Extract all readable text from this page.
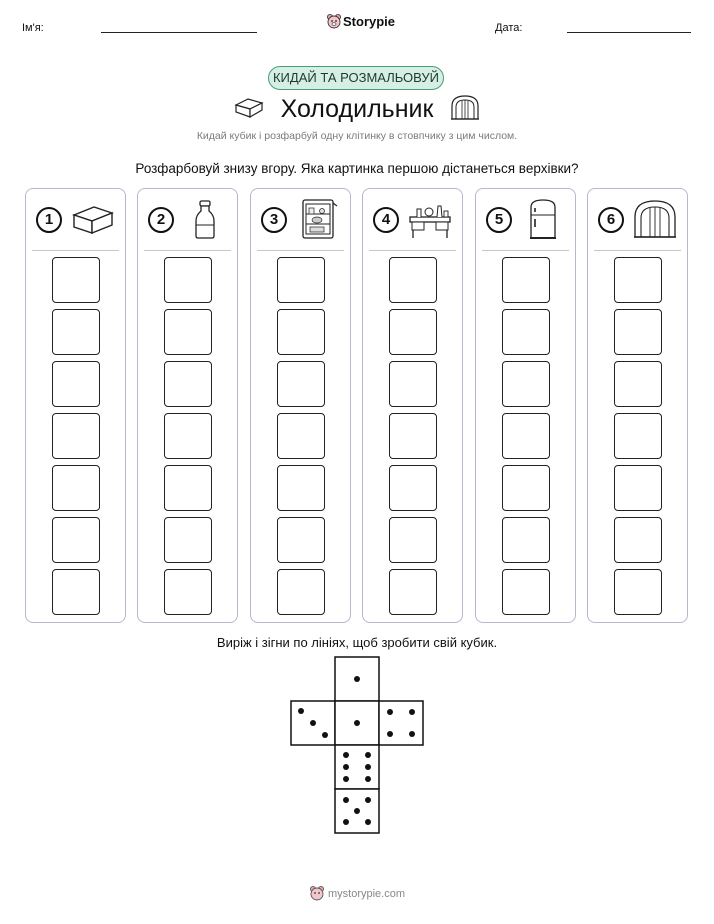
Ім'я:	Storypie	Дата:
КИДАЙ ТА РОЗМАЛЬОВУЙ
Холодильник
Кидай кубик і розфарбуй одну клітинку в стовпчику з цим числом.
Розфарбовуй знизу вгору. Яка картинка першою дістанеться верхівки?
1	2	3	4	5	6
Виріж і зігни по лініях, щоб зробити свій кубик.
mystorypie.com
